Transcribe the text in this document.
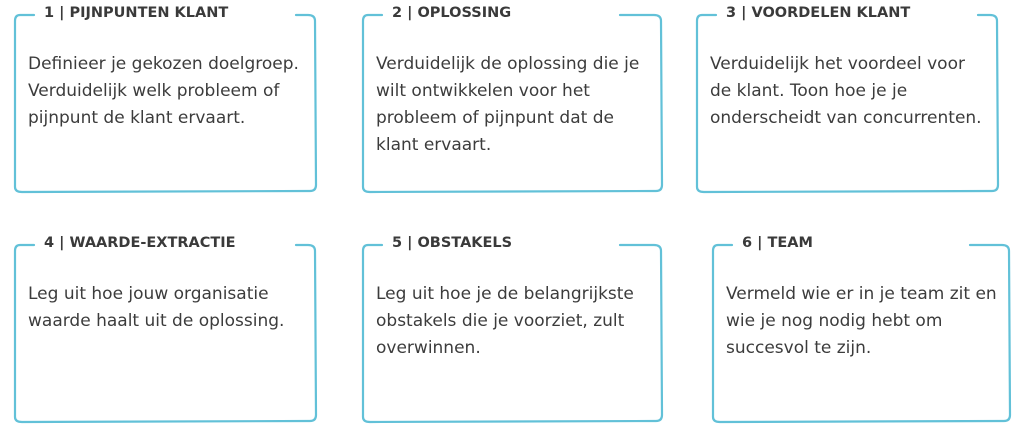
1 | PIJNPUNTEN KLANT
Definieer je gekozen doelgroep. Verduidelijk welk probleem of pijnpunt de klant ervaart.
2 | OPLOSSING
Verduidelijk de oplossing die je wilt ontwikkelen voor het probleem of pijnpunt dat de klant ervaart.
3 | VOORDELEN KLANT
Verduidelijk het voordeel voor de klant. Toon hoe je je onderscheidt van concurrenten.
4 | WAARDE-EXTRACTIE
Leg uit hoe jouw organisatie waarde haalt uit de oplossing.
5 | OBSTAKELS
Leg uit hoe je de belangrijkste obstakels die je voorziet, zult overwinnen.
6 | TEAM
Vermeld wie er in je team zit en wie je nog nodig hebt om succesvol te zijn.
